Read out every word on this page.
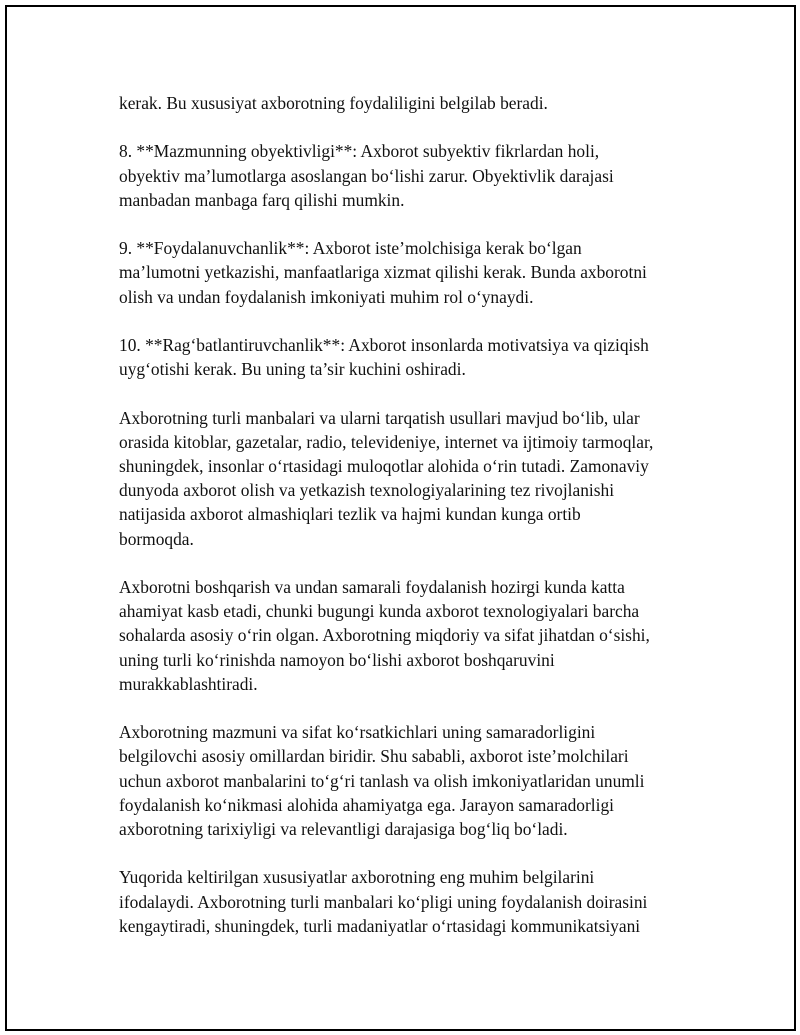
kerak. Bu xususiyat axborotning foydaliligini belgilab beradi.

8. **Mazmunning obyektivligi**: Axborot subyektiv fikrlardan holi,
obyektiv ma’lumotlarga asoslangan bo‘lishi zarur. Obyektivlik darajasi
manbadan manbaga farq qilishi mumkin.

9. **Foydalanuvchanlik**: Axborot iste’molchisiga kerak bo‘lgan
ma’lumotni yetkazishi, manfaatlariga xizmat qilishi kerak. Bunda axborotni
olish va undan foydalanish imkoniyati muhim rol o‘ynaydi.

10. **Rag‘batlantiruvchanlik**: Axborot insonlarda motivatsiya va qiziqish
uyg‘otishi kerak. Bu uning ta’sir kuchini oshiradi.

Axborotning turli manbalari va ularni tarqatish usullari mavjud bo‘lib, ular
orasida kitoblar, gazetalar, radio, televideniye, internet va ijtimoiy tarmoqlar,
shuningdek, insonlar o‘rtasidagi muloqotlar alohida o‘rin tutadi. Zamonaviy
dunyoda axborot olish va yetkazish texnologiyalarining tez rivojlanishi
natijasida axborot almashiqlari tezlik va hajmi kundan kunga ortib
bormoqda.

Axborotni boshqarish va undan samarali foydalanish hozirgi kunda katta
ahamiyat kasb etadi, chunki bugungi kunda axborot texnologiyalari barcha
sohalarda asosiy o‘rin olgan. Axborotning miqdoriy va sifat jihatdan o‘sishi,
uning turli ko‘rinishda namoyon bo‘lishi axborot boshqaruvini
murakkablashtiradi.

Axborotning mazmuni va sifat ko‘rsatkichlari uning samaradorligini
belgilovchi asosiy omillardan biridir. Shu sababli, axborot iste’molchilari
uchun axborot manbalarini to‘g‘ri tanlash va olish imkoniyatlaridan unumli
foydalanish ko‘nikmasi alohida ahamiyatga ega. Jarayon samaradorligi
axborotning tarixiyligi va relevantligi darajasiga bog‘liq bo‘ladi.

Yuqorida keltirilgan xususiyatlar axborotning eng muhim belgilarini
ifodalaydi. Axborotning turli manbalari ko‘pligi uning foydalanish doirasini
kengaytiradi, shuningdek, turli madaniyatlar o‘rtasidagi kommunikatsiyani
